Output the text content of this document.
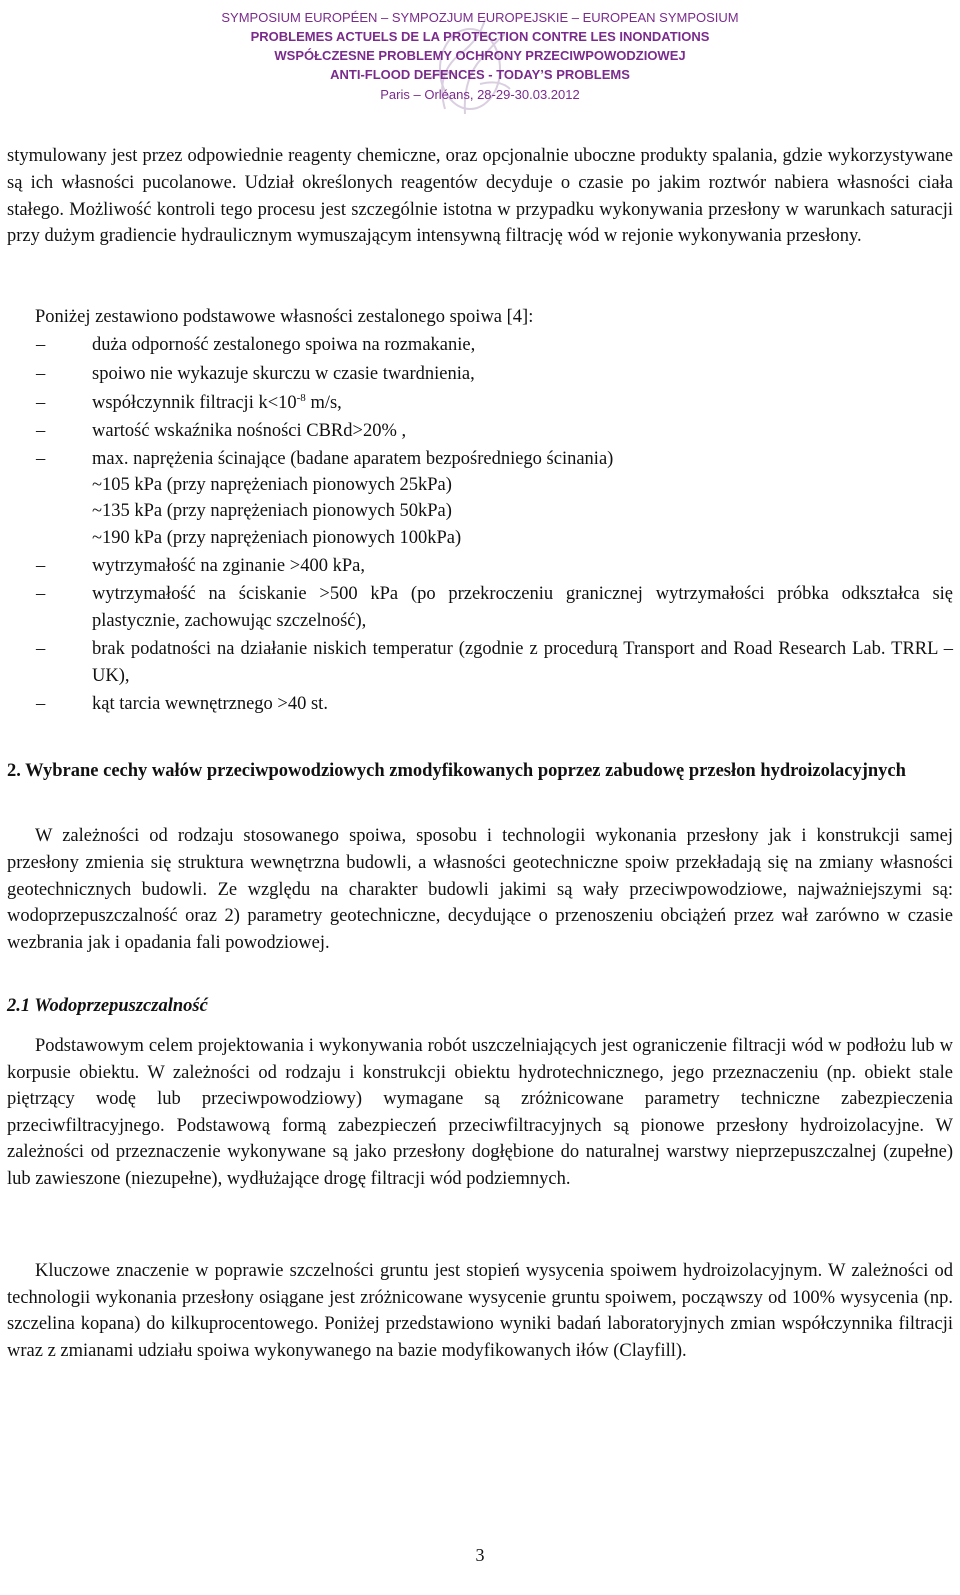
SYMPOSIUM EUROPÉEN – SYMPOZJUM EUROPEJSKIE – EUROPEAN SYMPOSIUM
PROBLEMES ACTUELS DE LA PROTECTION CONTRE LES INONDATIONS
WSPÓŁCZESNE PROBLEMY OCHRONY PRZECIWPOWODZIOWEJ
ANTI-FLOOD DEFENCES - TODAY’S PROBLEMS
Paris – Orléans, 28-29-30.03.2012

stymulowany jest przez odpowiednie reagenty chemiczne, oraz opcjonalnie uboczne produkty spalania, gdzie wykorzystywane są ich własności pucolanowe. Udział określonych reagentów decyduje o czasie po jakim roztwór nabiera własności ciała stałego. Możliwość kontroli tego procesu jest szczególnie istotna w przypadku wykonywania przesłony w warunkach saturacji przy dużym gradiencie hydraulicznym wymuszającym intensywną filtrację wód w rejonie wykonywania przesłony.

Poniżej zestawiono podstawowe własności zestalonego spoiwa [4]:
–	duża odporność zestalonego spoiwa na rozmakanie,
–	spoiwo nie wykazuje skurczu w czasie twardnienia,
–	współczynnik filtracji $k<10^{-8}$ m/s,
–	wartość wskaźnika nośności CBRd>20% ,
–	max. naprężenia ścinające (badane aparatem bezpośredniego ścinania)
~105 kPa (przy naprężeniach pionowych 25kPa)
~135 kPa (przy naprężeniach pionowych 50kPa)
~190 kPa (przy naprężeniach pionowych 100kPa)
–	wytrzymałość na zginanie >400 kPa,
–	wytrzymałość na ściskanie >500 kPa (po przekroczeniu granicznej wytrzymałości próbka odkształca się plastycznie, zachowując szczelność),
–	brak podatności na działanie niskich temperatur (zgodnie z procedurą Transport and Road Research Lab. TRRL – UK),
–	kąt tarcia wewnętrznego >40 st.
2. Wybrane cechy wałów przeciwpowodziowych zmodyfikowanych poprzez zabudowę przesłon hydroizolacyjnych

W zależności od rodzaju stosowanego spoiwa, sposobu i technologii wykonania przesłony jak i konstrukcji samej przesłony zmienia się struktura wewnętrzna budowli, a własności geotechniczne spoiw przekładają się na zmiany własności geotechnicznych budowli. Ze względu na charakter budowli jakimi są wały przeciwpowodziowe, najważniejszymi są: wodoprzepuszczalność oraz 2) parametry geotechniczne, decydujące o przenoszeniu obciążeń przez wał zarówno w czasie wezbrania jak i opadania fali powodziowej.

2.1 Wodoprzepuszczalność

Podstawowym celem projektowania i wykonywania robót uszczelniających jest ograniczenie filtracji wód w podłożu lub w korpusie obiektu. W zależności od rodzaju i konstrukcji obiektu hydrotechnicznego, jego przeznaczeniu (np. obiekt stale piętrzący wodę lub przeciwpowodziowy) wymagane są zróżnicowane parametry techniczne zabezpieczenia przeciwfiltracyjnego. Podstawową formą zabezpieczeń przeciwfiltracyjnych są pionowe przesłony hydroizolacyjne. W zależności od przeznaczenie wykonywane są jako przesłony dogłębione do naturalnej warstwy nieprzepuszczalnej (zupełne) lub zawieszone (niezupełne), wydłużające drogę filtracji wód podziemnych.

Kluczowe znaczenie w poprawie szczelności gruntu jest stopień wysycenia spoiwem hydroizolacyjnym. W zależności od technologii wykonania przesłony osiągane jest zróżnicowane wysycenie gruntu spoiwem, począwszy od 100% wysycenia (np. szczelina kopana) do kilkuprocentowego. Poniżej przedstawiono wyniki badań laboratoryjnych zmian współczynnika filtracji wraz z zmianami udziału spoiwa wykonywanego na bazie modyfikowanych iłów (Clayfill).

3
